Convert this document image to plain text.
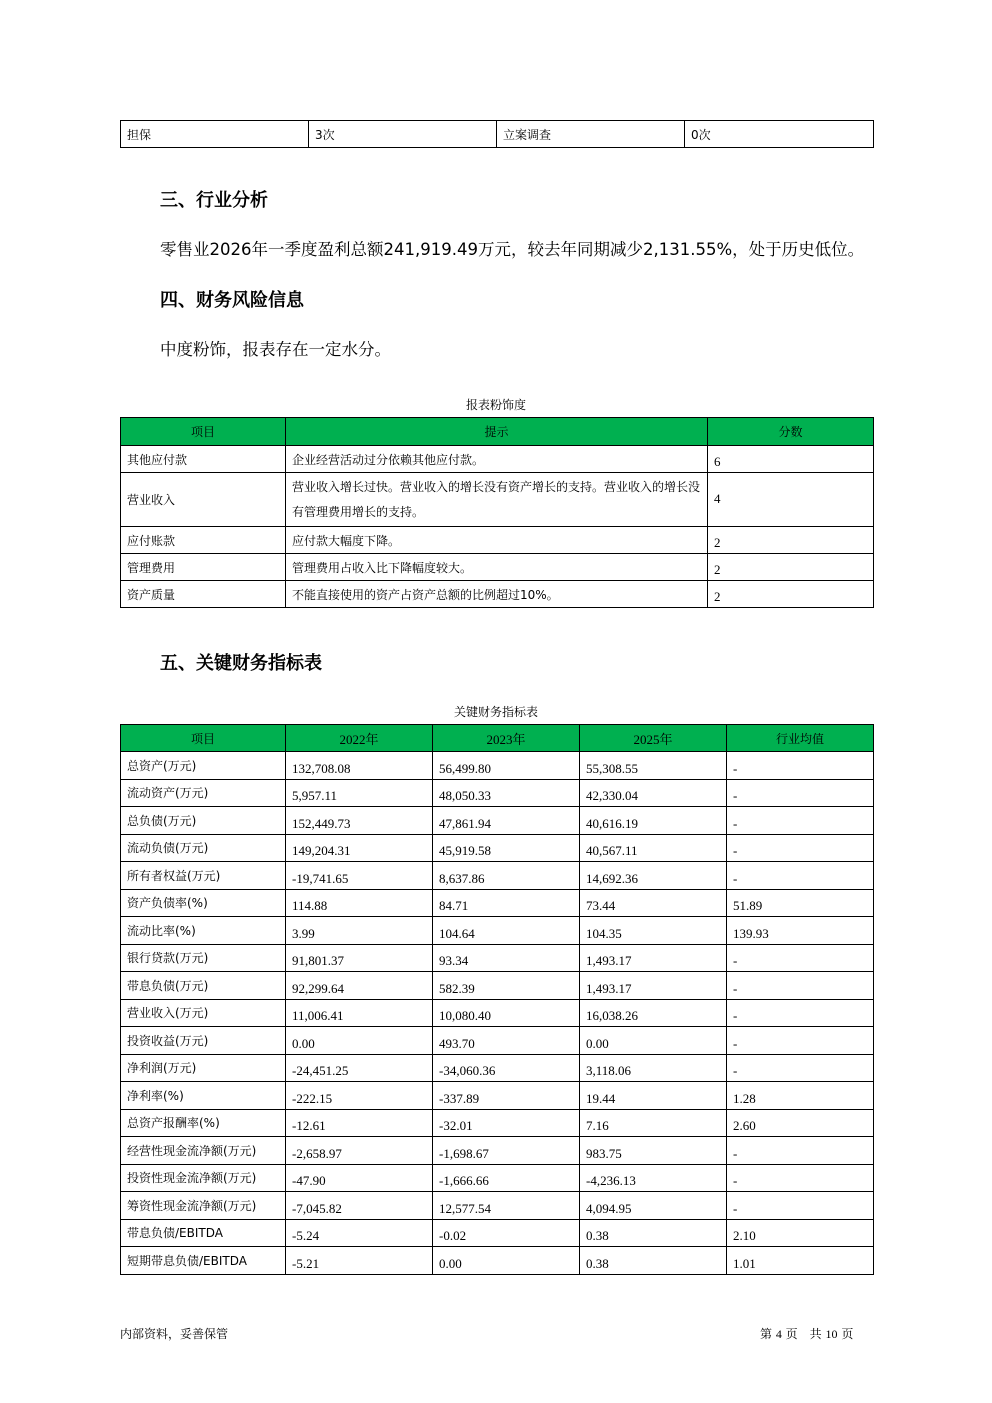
担保	3次	立案调查	0次
三、行业分析
零售业2026年一季度盈利总额241,919.49万元，较去年同期减少2,131.55%，处于历史低位。
四、财务风险信息
中度粉饰，报表存在一定水分。
报表粉饰度
项目	提示	分数
其他应付款	企业经营活动过分依赖其他应付款。	6
营业收入	营业收入增长过快。营业收入的增长没有资产增长的支持。营业收入的增长没有管理费用增长的支持。	4
应付账款	应付款大幅度下降。	2
管理费用	管理费用占收入比下降幅度较大。	2
资产质量	不能直接使用的资产占资产总额的比例超过10%。	2
五、关键财务指标表
关键财务指标表
项目	2022年	2023年	2025年	行业均值
总资产(万元)	132,708.08	56,499.80	55,308.55	-
流动资产(万元)	5,957.11	48,050.33	42,330.04	-
总负债(万元)	152,449.73	47,861.94	40,616.19	-
流动负债(万元)	149,204.31	45,919.58	40,567.11	-
所有者权益(万元)	-19,741.65	8,637.86	14,692.36	-
资产负债率(%)	114.88	84.71	73.44	51.89
流动比率(%)	3.99	104.64	104.35	139.93
银行贷款(万元)	91,801.37	93.34	1,493.17	-
带息负债(万元)	92,299.64	582.39	1,493.17	-
营业收入(万元)	11,006.41	10,080.40	16,038.26	-
投资收益(万元)	0.00	493.70	0.00	-
净利润(万元)	-24,451.25	-34,060.36	3,118.06	-
净利率(%)	-222.15	-337.89	19.44	1.28
总资产报酬率(%)	-12.61	-32.01	7.16	2.60
经营性现金流净额(万元)	-2,658.97	-1,698.67	983.75	-
投资性现金流净额(万元)	-47.90	-1,666.66	-4,236.13	-
筹资性现金流净额(万元)	-7,045.82	12,577.54	4,094.95	-
带息负债/EBITDA	-5.24	-0.02	0.38	2.10
短期带息负债/EBITDA	-5.21	0.00	0.38	1.01
内部资料，妥善保管	第 4 页　共 10 页
